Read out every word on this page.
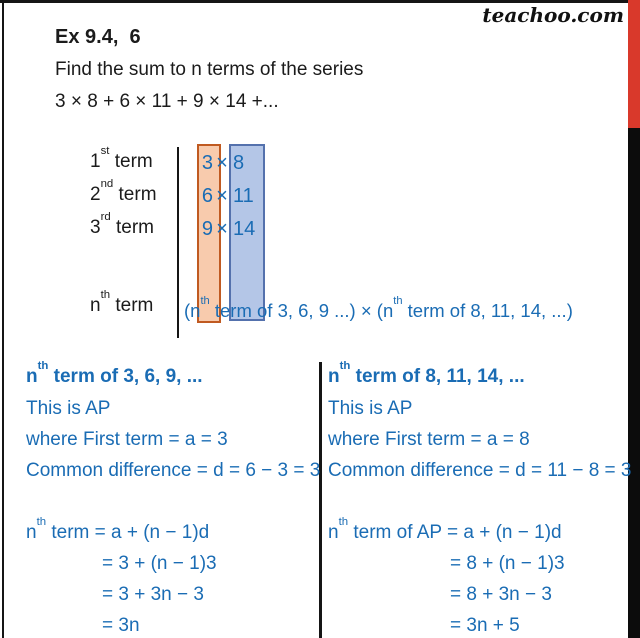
teachoo.com
Ex 9.4,  6
Find the sum to n terms of the series
3 × 8 + 6 × 11 + 9 × 14 +...
1st term
2nd term
3rd term
$n^{th}$ term
3 × 8
6 × 11
9 × 14
($n^{th}$ term of 3, 6, 9 ...) × ($n^{th}$ term of 8, 11, 14, ...)
$n^{th}$ term of 3, 6, 9, ...
This is AP
where First term = a = 3
Common difference = d = 6 − 3 = 3
$n^{th}$ term = a + (n − 1)d
= 3 + (n − 1)3
= 3 + 3n − 3
= 3n
$n^{th}$ term of 8, 11, 14, ...
This is AP
where First term = a = 8
Common difference = d = 11 − 8 = 3
$n^{th}$ term of AP = a + (n − 1)d
= 8 + (n − 1)3
= 8 + 3n − 3
= 3n + 5
